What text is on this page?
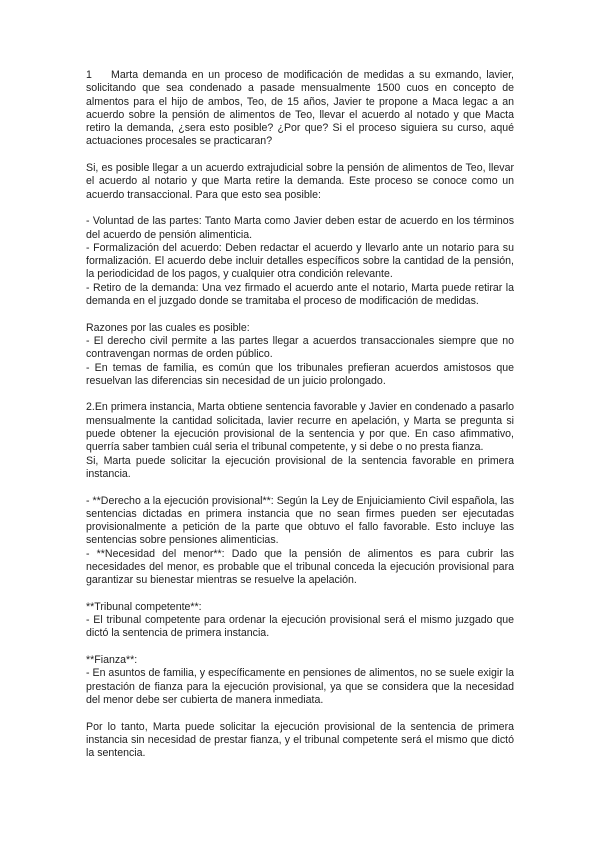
1 Marta demanda en un proceso de modificación de medidas a su exmando, lavier, solicitando que sea condenado a pasade mensualmente 1500 cuos en concepto de almentos para el hijo de ambos, Teo, de 15 años, Javier te propone a Maca legac a an acuerdo sobre la pensión de alimentos de Teo, llevar el acuerdo al notado y que Macta retiro la demanda, ¿sera esto posible? ¿Por que? Si el proceso siguiera su curso, aqué actuaciones procesales se practicaran?

Si, es posible llegar a un acuerdo extrajudicial sobre la pensión de alimentos de Teo, llevar el acuerdo al notario y que Marta retire la demanda. Este proceso se conoce como un acuerdo transaccional. Para que esto sea posible:

- Voluntad de las partes: Tanto Marta como Javier deben estar de acuerdo en los términos del acuerdo de pensión alimenticia.
- Formalización del acuerdo: Deben redactar el acuerdo y llevarlo ante un notario para su formalización. El acuerdo debe incluir detalles específicos sobre la cantidad de la pensión, la periodicidad de los pagos, y cualquier otra condición relevante.
- Retiro de la demanda: Una vez firmado el acuerdo ante el notario, Marta puede retirar la demanda en el juzgado donde se tramitaba el proceso de modificación de medidas.

Razones por las cuales es posible:
- El derecho civil permite a las partes llegar a acuerdos transaccionales siempre que no contravengan normas de orden público.
- En temas de familia, es común que los tribunales prefieran acuerdos amistosos que resuelvan las diferencias sin necesidad de un juicio prolongado.

2.En primera instancia, Marta obtiene sentencia favorable y Javier en condenado a pasarlo mensualmente la cantidad solicitada, lavier recurre en apelación, y Marta se pregunta si puede obtener la ejecución provisional de la sentencia y por que. En caso afimmativo, querría saber tambien cuál seria el tribunal competente, y si debe o no presta fianza.
Si, Marta puede solicitar la ejecución provisional de la sentencia favorable en primera instancia.

- **Derecho a la ejecución provisional**: Según la Ley de Enjuiciamiento Civil española, las sentencias dictadas en primera instancia que no sean firmes pueden ser ejecutadas provisionalmente a petición de la parte que obtuvo el fallo favorable. Esto incluye las sentencias sobre pensiones alimenticias.
- **Necesidad del menor**: Dado que la pensión de alimentos es para cubrir las necesidades del menor, es probable que el tribunal conceda la ejecución provisional para garantizar su bienestar mientras se resuelve la apelación.

**Tribunal competente**:
- El tribunal competente para ordenar la ejecución provisional será el mismo juzgado que dictó la sentencia de primera instancia.

**Fianza**:
- En asuntos de familia, y específicamente en pensiones de alimentos, no se suele exigir la prestación de fianza para la ejecución provisional, ya que se considera que la necesidad del menor debe ser cubierta de manera inmediata.

Por lo tanto, Marta puede solicitar la ejecución provisional de la sentencia de primera instancia sin necesidad de prestar fianza, y el tribunal competente será el mismo que dictó la sentencia.
